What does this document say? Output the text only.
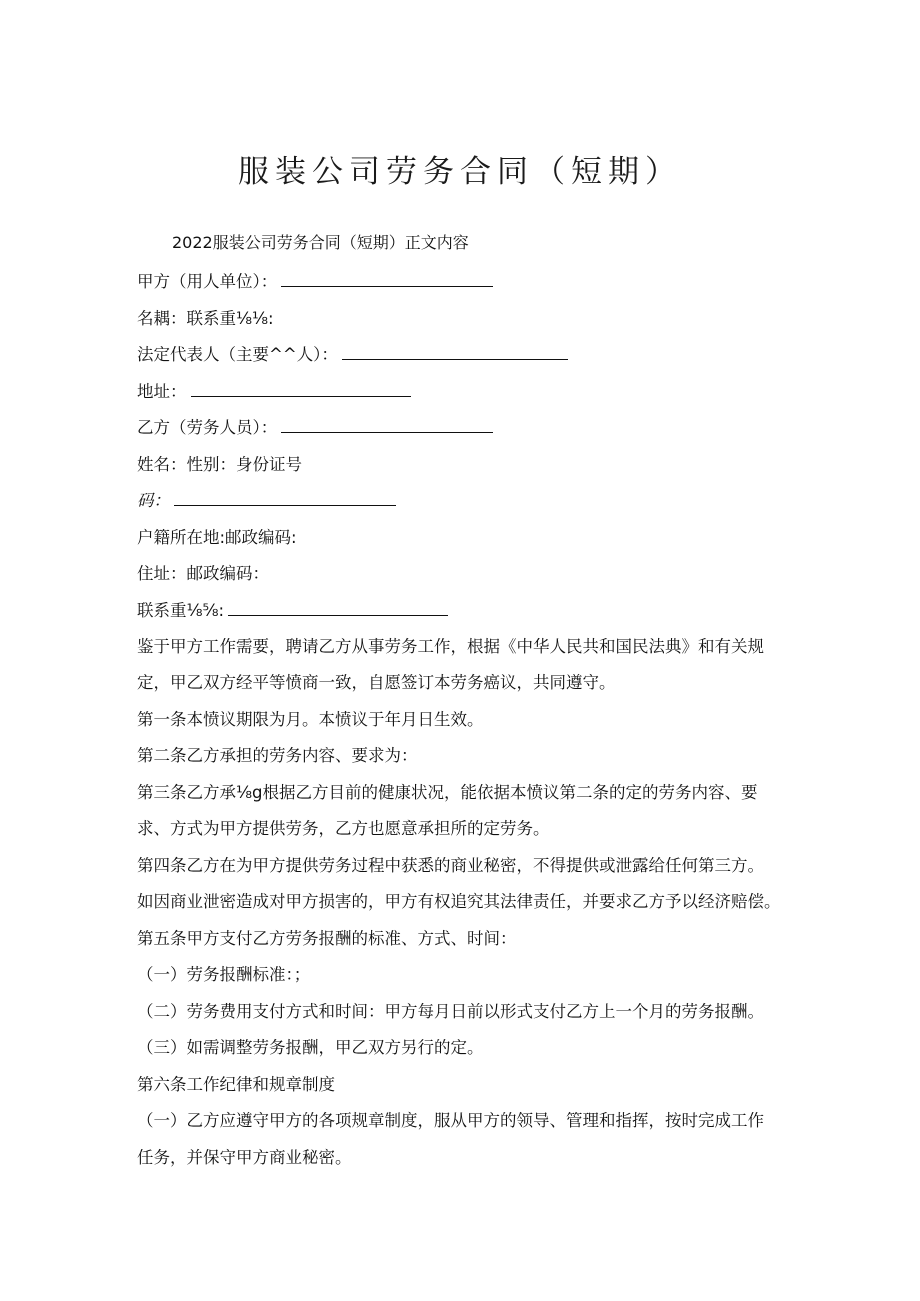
服装公司劳务合同（短期）
2022服装公司劳务合同（短期）正文内容
甲方（用人单位）：
名耦：联系重⅛⅛:
法定代表人（主要^^人）：
地址：
乙方（劳务人员）：
姓名：性别：身份证号
码：
户籍所在地:邮政编码:
住址：邮政编码：
联系重⅛⅝:
鉴于甲方工作需要，聘请乙方从事劳务工作，根据《中华人民共和国民法典》和有关规
定，甲乙双方经平等愤商一致，自愿签订本劳务癌议，共同遵守。
第一条本愤议期限为月。本愤议于年月日生效。
第二条乙方承担的劳务内容、要求为：
第三条乙方承⅛g根据乙方目前的健康状况，能依据本愤议第二条的定的劳务内容、要
求、方式为甲方提供劳务，乙方也愿意承担所的定劳务。
第四条乙方在为甲方提供劳务过程中获悉的商业秘密，不得提供或泄露给任何第三方。
如因商业泄密造成对甲方损害的，甲方有权追究其法律责任，并要求乙方予以经济赔偿。
第五条甲方支付乙方劳务报酬的标准、方式、时间：
（一）劳务报酬标准：；
（二）劳务费用支付方式和时间：甲方每月日前以形式支付乙方上一个月的劳务报酬。
（三）如需调整劳务报酬，甲乙双方另行的定。
第六条工作纪律和规章制度
（一）乙方应遵守甲方的各项规章制度，服从甲方的领导、管理和指挥，按时完成工作
任务，并保守甲方商业秘密。
